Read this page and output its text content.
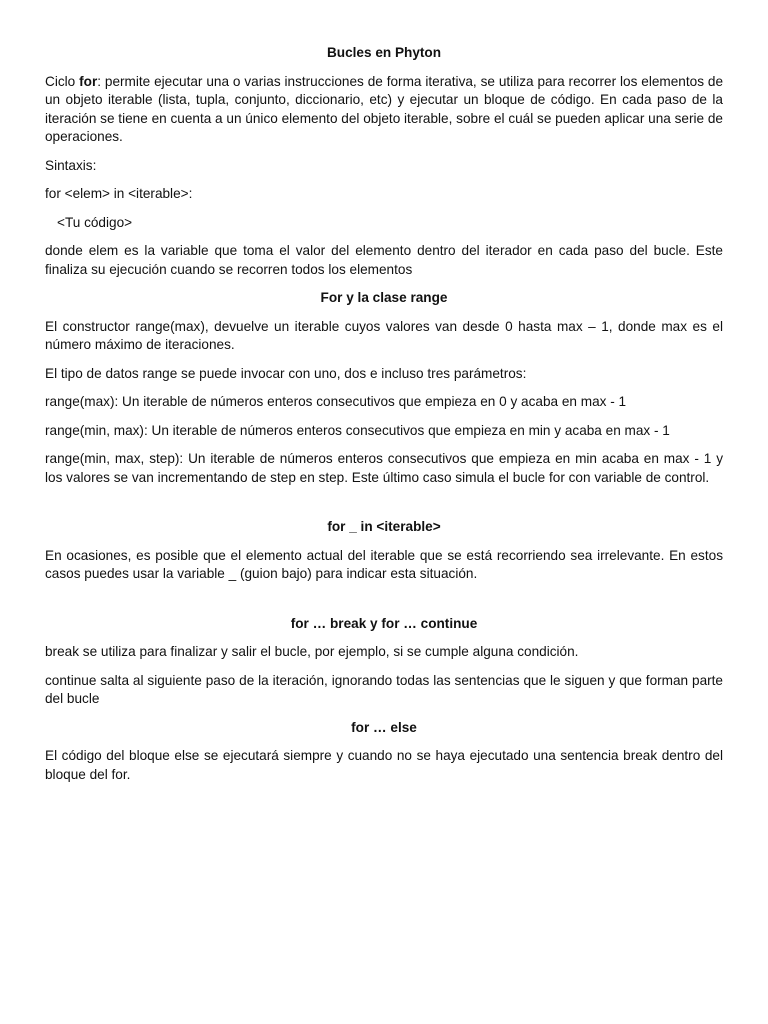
Bucles en Phyton

Ciclo for: permite ejecutar una o varias instrucciones de forma iterativa, se utiliza para recorrer los elementos de un objeto iterable (lista, tupla, conjunto, diccionario, etc) y ejecutar un bloque de código. En cada paso de la iteración se tiene en cuenta a un único elemento del objeto iterable, sobre el cuál se pueden aplicar una serie de operaciones.

Sintaxis:

for <elem> in <iterable>:

<Tu código>

donde elem es la variable que toma el valor del elemento dentro del iterador en cada paso del bucle. Este finaliza su ejecución cuando se recorren todos los elementos

For y la clase range

El constructor range(max), devuelve un iterable cuyos valores van desde 0 hasta max – 1, donde max es el número máximo de iteraciones.

El tipo de datos range se puede invocar con uno, dos e incluso tres parámetros:

range(max): Un iterable de números enteros consecutivos que empieza en 0 y acaba en max - 1

range(min, max): Un iterable de números enteros consecutivos que empieza en min y acaba en max - 1

range(min, max, step): Un iterable de números enteros consecutivos que empieza en min acaba en max - 1 y los valores se van incrementando de step en step. Este último caso simula el bucle for con variable de control.

for _ in <iterable>

En ocasiones, es posible que el elemento actual del iterable que se está recorriendo sea irrelevante. En estos casos puedes usar la variable _ (guion bajo) para indicar esta situación.

for … break y for … continue

break se utiliza para finalizar y salir el bucle, por ejemplo, si se cumple alguna condición.

continue salta al siguiente paso de la iteración, ignorando todas las sentencias que le siguen y que forman parte del bucle

for … else

El código del bloque else se ejecutará siempre y cuando no se haya ejecutado una sentencia break dentro del bloque del for.
